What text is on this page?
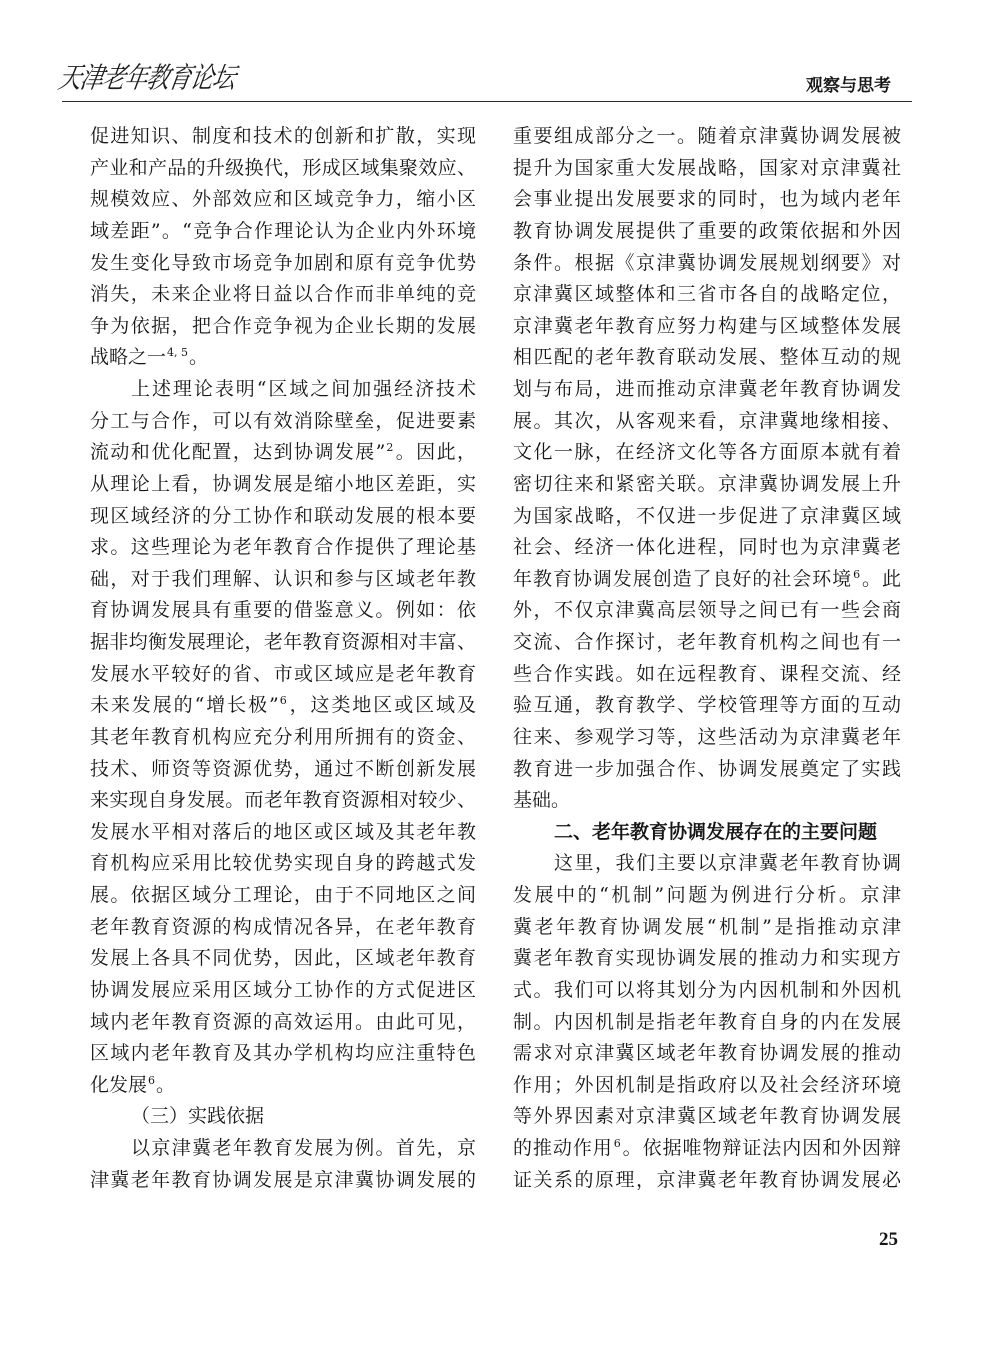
天津老年教育论坛	观察与思考
促进知识、制度和技术的创新和扩散，实现
产业和产品的升级换代，形成区域集聚效应、
规模效应、外部效应和区域竞争力，缩小区
域差距”。“竞争合作理论认为企业内外环境
发生变化导致市场竞争加剧和原有竞争优势
消失，未来企业将日益以合作而非单纯的竞
争为依据，把合作竞争视为企业长期的发展
战略之一$^{4, 5}$。
上述理论表明“区域之间加强经济技术
分工与合作，可以有效消除壁垒，促进要素
流动和优化配置，达到协调发展”$^2$。因此，
从理论上看，协调发展是缩小地区差距，实
现区域经济的分工协作和联动发展的根本要
求。这些理论为老年教育合作提供了理论基
础，对于我们理解、认识和参与区域老年教
育协调发展具有重要的借鉴意义。例如：依
据非均衡发展理论，老年教育资源相对丰富、
发展水平较好的省、市或区域应是老年教育
未来发展的“增长极”$^6$，这类地区或区域及
其老年教育机构应充分利用所拥有的资金、
技术、师资等资源优势，通过不断创新发展
来实现自身发展。而老年教育资源相对较少、
发展水平相对落后的地区或区域及其老年教
育机构应采用比较优势实现自身的跨越式发
展。依据区域分工理论，由于不同地区之间
老年教育资源的构成情况各异，在老年教育
发展上各具不同优势，因此，区域老年教育
协调发展应采用区域分工协作的方式促进区
域内老年教育资源的高效运用。由此可见，
区域内老年教育及其办学机构均应注重特色
化发展$^6$。
（三）实践依据
以京津冀老年教育发展为例。首先，京
津冀老年教育协调发展是京津冀协调发展的
重要组成部分之一。随着京津冀协调发展被
提升为国家重大发展战略，国家对京津冀社
会事业提出发展要求的同时，也为域内老年
教育协调发展提供了重要的政策依据和外因
条件。根据《京津冀协调发展规划纲要》对
京津冀区域整体和三省市各自的战略定位，
京津冀老年教育应努力构建与区域整体发展
相匹配的老年教育联动发展、整体互动的规
划与布局，进而推动京津冀老年教育协调发
展。其次，从客观来看，京津冀地缘相接、
文化一脉，在经济文化等各方面原本就有着
密切往来和紧密关联。京津冀协调发展上升
为国家战略，不仅进一步促进了京津冀区域
社会、经济一体化进程，同时也为京津冀老
年教育协调发展创造了良好的社会环境$^6$。此
外，不仅京津冀高层领导之间已有一些会商
交流、合作探讨，老年教育机构之间也有一
些合作实践。如在远程教育、课程交流、经
验互通，教育教学、学校管理等方面的互动
往来、参观学习等，这些活动为京津冀老年
教育进一步加强合作、协调发展奠定了实践
基础。
二、老年教育协调发展存在的主要问题
这里，我们主要以京津冀老年教育协调
发展中的“机制”问题为例进行分析。京津
冀老年教育协调发展“机制”是指推动京津
冀老年教育实现协调发展的推动力和实现方
式。我们可以将其划分为内因机制和外因机
制。内因机制是指老年教育自身的内在发展
需求对京津冀区域老年教育协调发展的推动
作用；外因机制是指政府以及社会经济环境
等外界因素对京津冀区域老年教育协调发展
的推动作用$^6$。依据唯物辩证法内因和外因辩
证关系的原理，京津冀老年教育协调发展必
25
